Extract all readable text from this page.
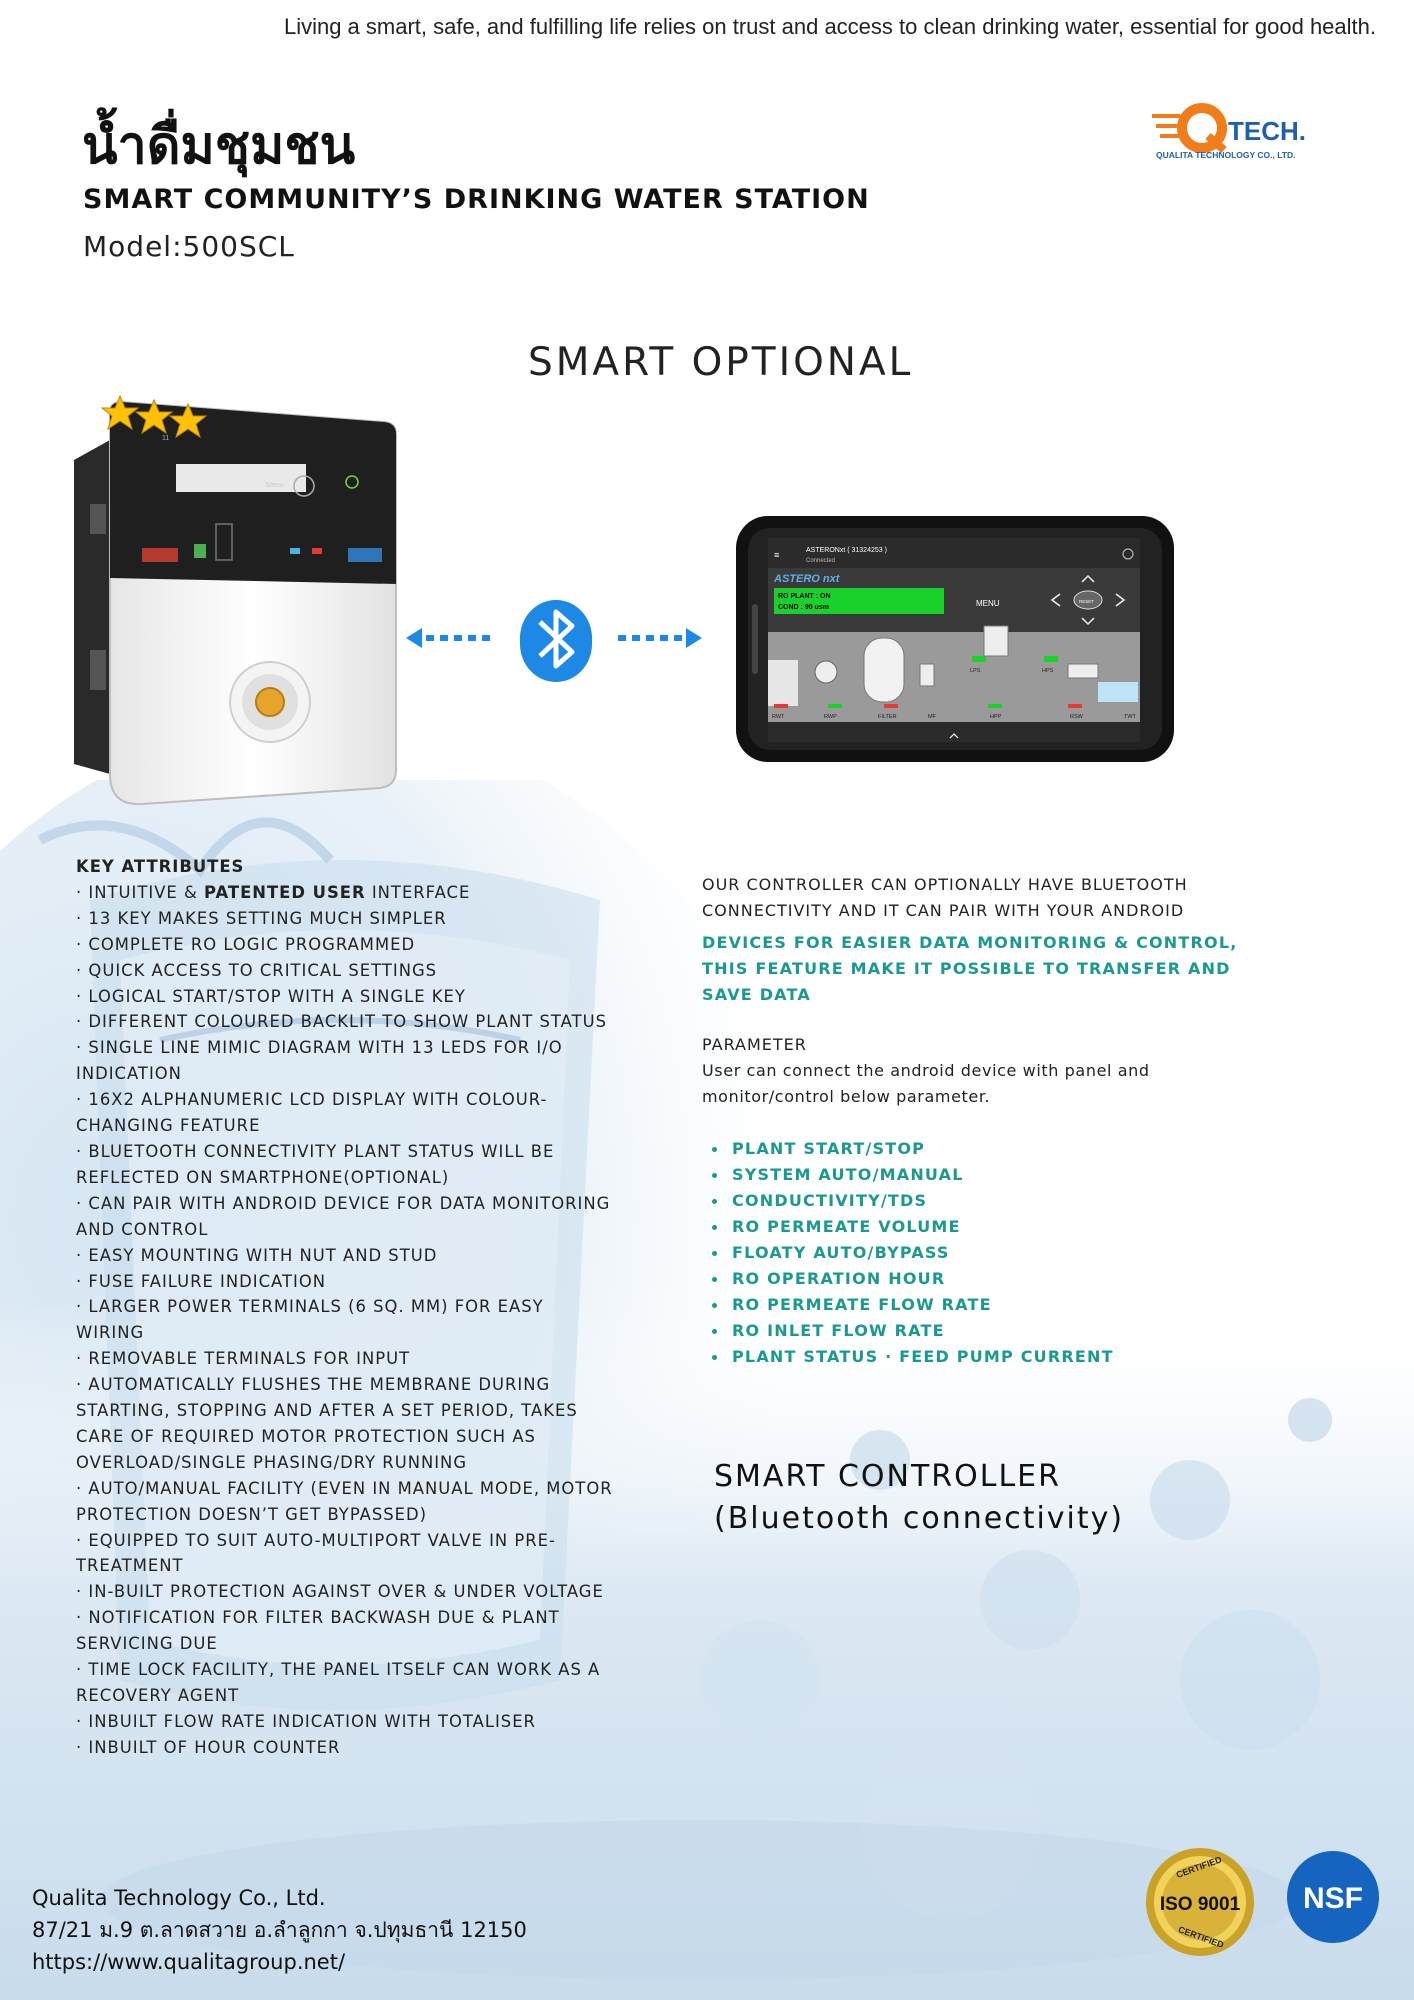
Living a smart, safe, and fulfilling life relies on trust and access to clean drinking water, essential for good health.
TECH.
QUALITA TECHNOLOGY CO., LTD.
น้ำดื่มชุมชน
SMART COMMUNITY’S DRINKING WATER STATION
Model:500SCL
SMART OPTIONAL
Menu
11
≡	ASTERONxt ( 31324253 )
Connected
ASTERO nxt
RO PLANT : ON
COND : 90 usm	MENU	RESET
RWT	RWP	FILTER	MF	HPP	RSW	TWT
LPS	HPS
KEY ATTRIBUTES
· INTUITIVE & PATENTED USER INTERFACE
· 13 KEY MAKES SETTING MUCH SIMPLER
· COMPLETE RO LOGIC PROGRAMMED
· QUICK ACCESS TO CRITICAL SETTINGS
· LOGICAL START/STOP WITH A SINGLE KEY
· DIFFERENT COLOURED BACKLIT TO SHOW PLANT STATUS
· SINGLE LINE MIMIC DIAGRAM WITH 13 LEDS FOR I/O INDICATION
· 16X2 ALPHANUMERIC LCD DISPLAY WITH COLOUR-CHANGING FEATURE
· BLUETOOTH CONNECTIVITY PLANT STATUS WILL BE REFLECTED ON SMARTPHONE(OPTIONAL)
· CAN PAIR WITH ANDROID DEVICE FOR DATA MONITORING AND CONTROL
· EASY MOUNTING WITH NUT AND STUD
· FUSE FAILURE INDICATION
· LARGER POWER TERMINALS (6 SQ. MM) FOR EASY WIRING
· REMOVABLE TERMINALS FOR INPUT
· AUTOMATICALLY FLUSHES THE MEMBRANE DURING STARTING, STOPPING AND AFTER A SET PERIOD, TAKES CARE OF REQUIRED MOTOR PROTECTION SUCH AS OVERLOAD/SINGLE PHASING/DRY RUNNING
· AUTO/MANUAL FACILITY (EVEN IN MANUAL MODE, MOTOR PROTECTION DOESN’T GET BYPASSED)
· EQUIPPED TO SUIT AUTO-MULTIPORT VALVE IN PRE-TREATMENT
· IN-BUILT PROTECTION AGAINST OVER & UNDER VOLTAGE
· NOTIFICATION FOR FILTER BACKWASH DUE & PLANT SERVICING DUE
· TIME LOCK FACILITY, THE PANEL ITSELF CAN WORK AS A RECOVERY AGENT
· INBUILT FLOW RATE INDICATION WITH TOTALISER
· INBUILT OF HOUR COUNTER
OUR CONTROLLER CAN OPTIONALLY HAVE BLUETOOTH CONNECTIVITY AND IT CAN PAIR WITH YOUR ANDROID
DEVICES FOR EASIER DATA MONITORING & CONTROL, THIS FEATURE MAKE IT POSSIBLE TO TRANSFER AND SAVE DATA
PARAMETER
User can connect the android device with panel and monitor/control below parameter.
PLANT START/STOP
SYSTEM AUTO/MANUAL
CONDUCTIVITY/TDS
RO PERMEATE VOLUME
FLOATY AUTO/BYPASS
RO OPERATION HOUR
RO PERMEATE FLOW RATE
RO INLET FLOW RATE
PLANT STATUS · FEED PUMP CURRENT
SMART CONTROLLER
(Bluetooth connectivity)
Qualita Technology Co., Ltd.
87/21 ม.9 ต.ลาดสวาย อ.ลำลูกกา จ.ปทุมธานี 12150
https://www.qualitagroup.net/
CERTIFIED
ISO 9001
CERTIFIED
NSF
